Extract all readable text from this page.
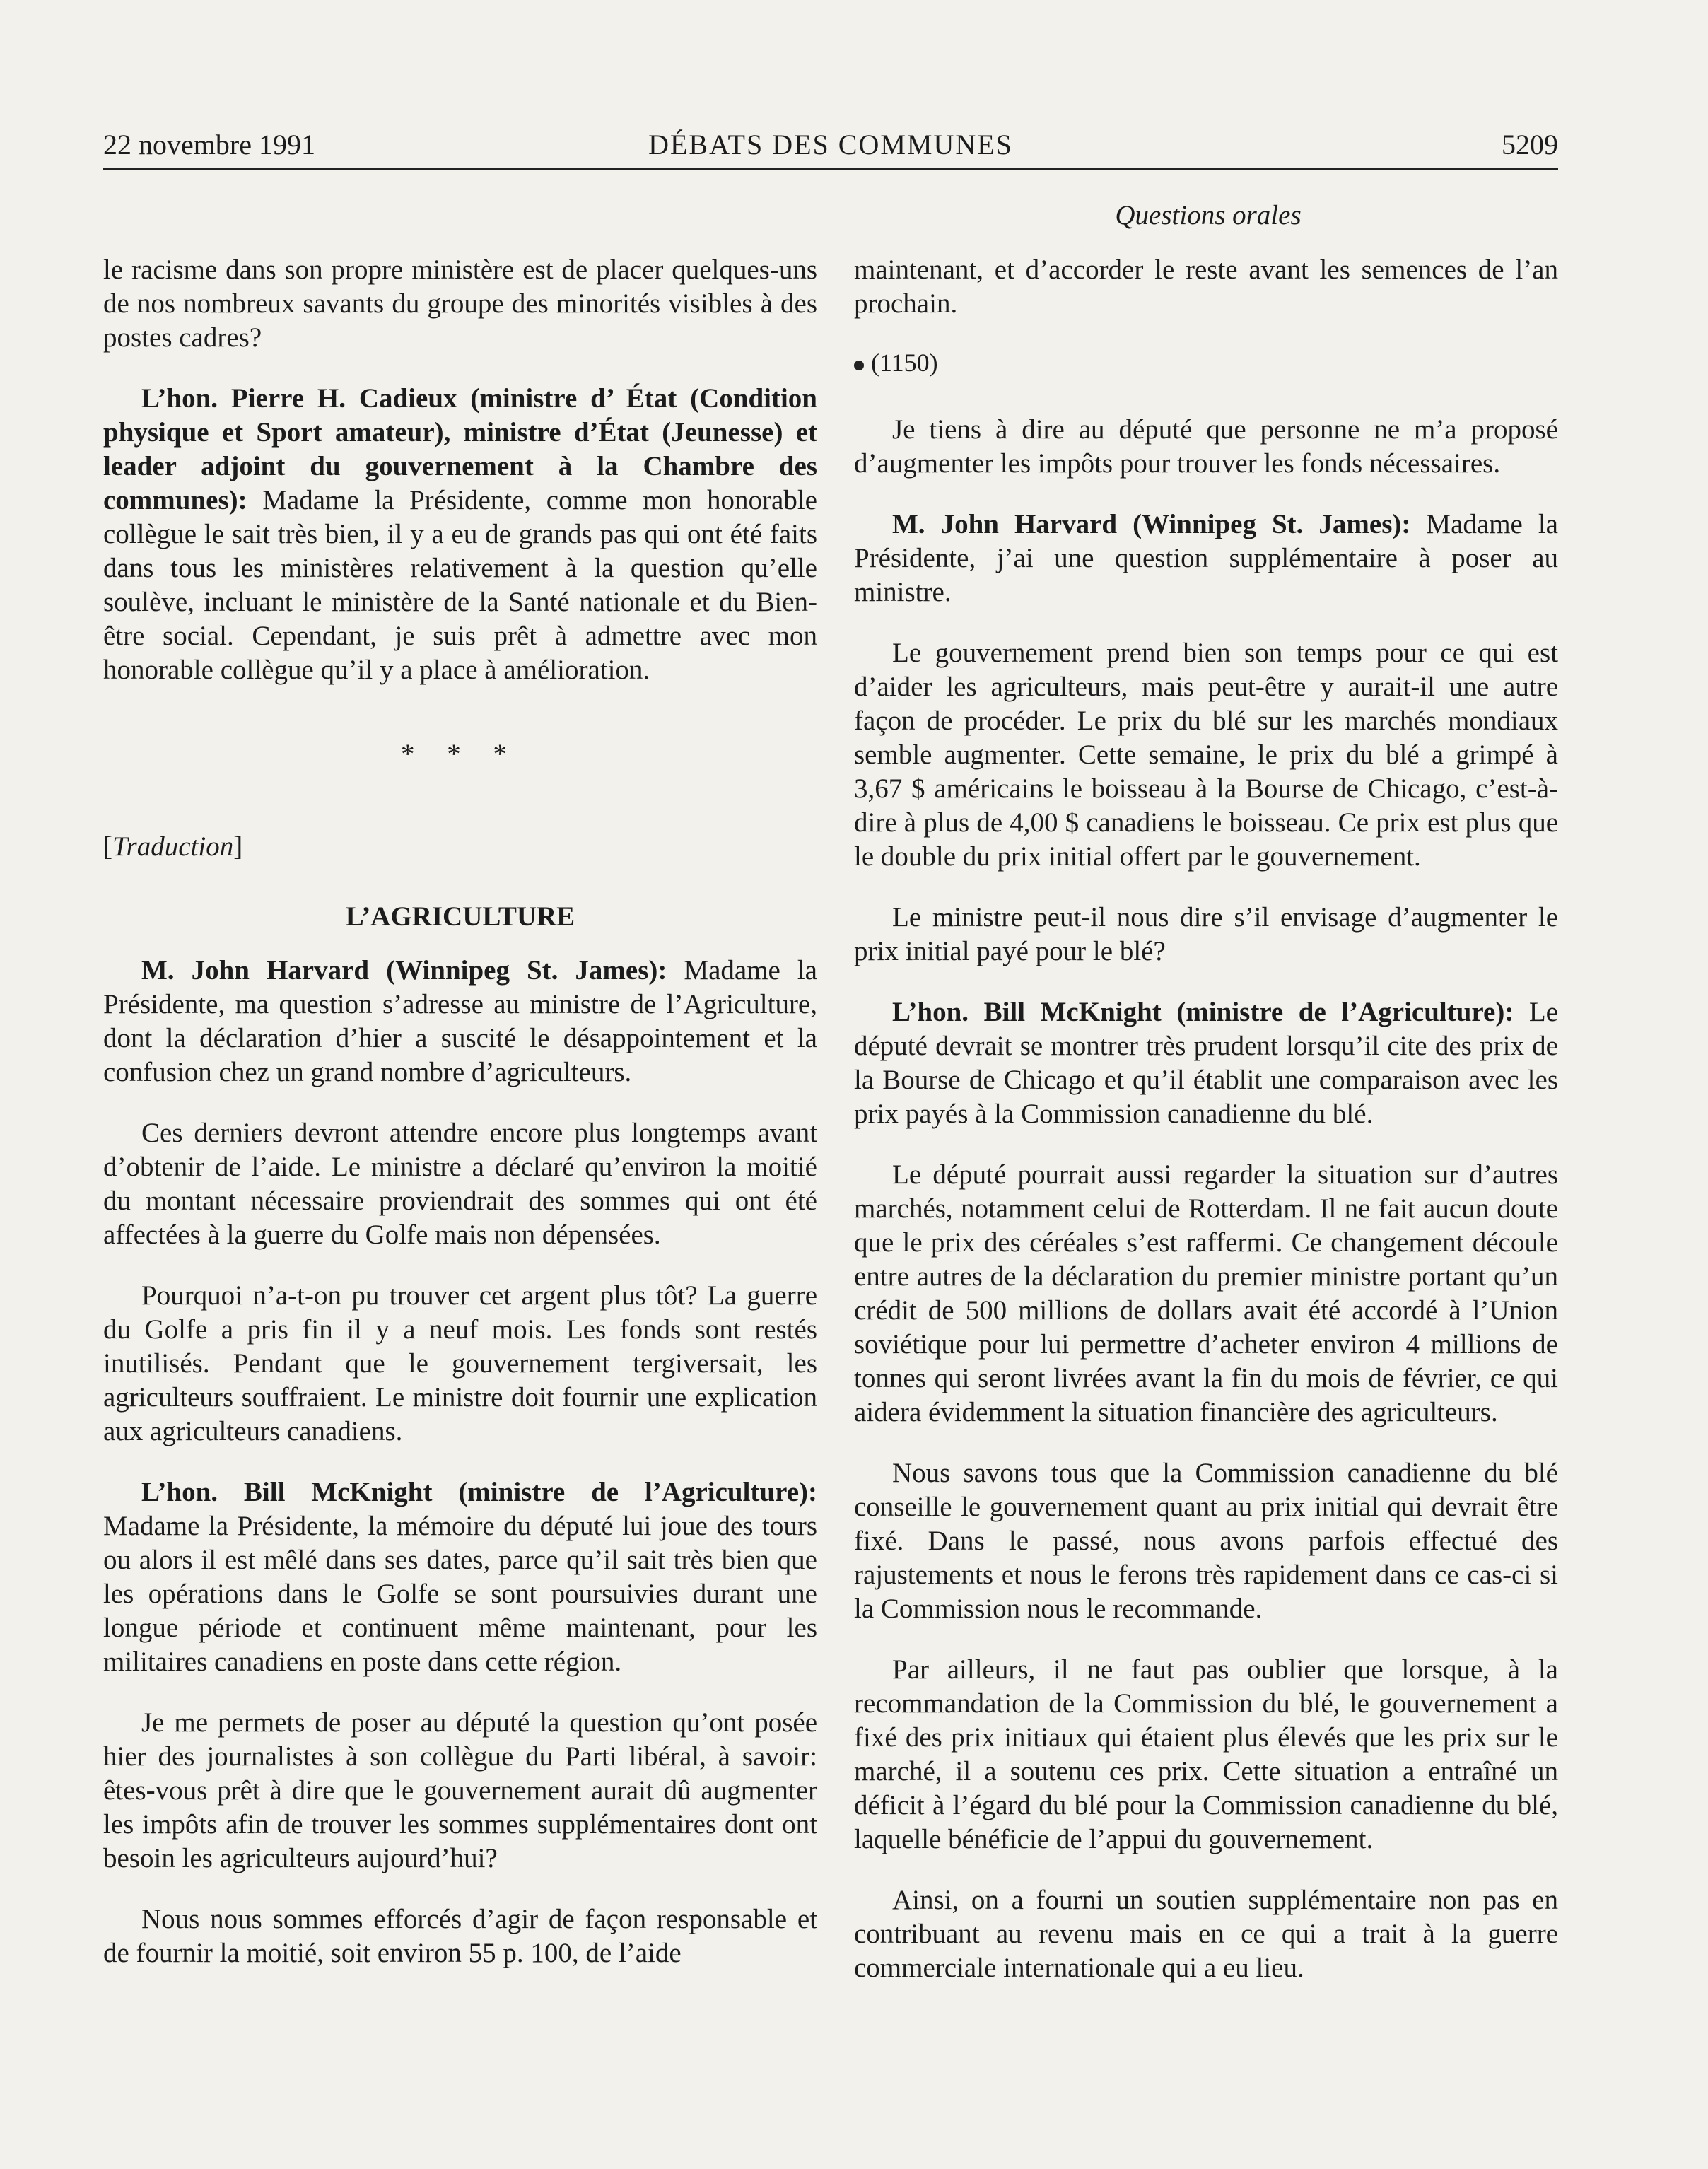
22 novembre 1991	DÉBATS DES COMMUNES	5209
Questions orales

le racisme dans son propre ministère est de placer quelques-uns de nos nombreux savants du groupe des minorités visibles à des postes cadres?

L’hon. Pierre H. Cadieux (ministre d’ État (Condition physique et Sport amateur), ministre d’État (Jeunesse) et leader adjoint du gouvernement à la Chambre des communes): Madame la Présidente, comme mon honorable collègue le sait très bien, il y a eu de grands pas qui ont été faits dans tous les ministères relativement à la question qu’elle soulève, incluant le ministère de la Santé nationale et du Bien-être social. Cependant, je suis prêt à admettre avec mon honorable collègue qu’il y a place à amélioration.

* * *
[Traduction]
L’AGRICULTURE

M. John Harvard (Winnipeg St. James): Madame la Présidente, ma question s’adresse au ministre de l’Agriculture, dont la déclaration d’hier a suscité le désappointement et la confusion chez un grand nombre d’agriculteurs.

Ces derniers devront attendre encore plus longtemps avant d’obtenir de l’aide. Le ministre a déclaré qu’environ la moitié du montant nécessaire proviendrait des sommes qui ont été affectées à la guerre du Golfe mais non dépensées.

Pourquoi n’a-t-on pu trouver cet argent plus tôt? La guerre du Golfe a pris fin il y a neuf mois. Les fonds sont restés inutilisés. Pendant que le gouvernement tergiversait, les agriculteurs souffraient. Le ministre doit fournir une explication aux agriculteurs canadiens.

L’hon. Bill McKnight (ministre de l’Agriculture): Madame la Présidente, la mémoire du député lui joue des tours ou alors il est mêlé dans ses dates, parce qu’il sait très bien que les opérations dans le Golfe se sont poursuivies durant une longue période et continuent même maintenant, pour les militaires canadiens en poste dans cette région.

Je me permets de poser au député la question qu’ont posée hier des journalistes à son collègue du Parti libéral, à savoir: êtes-vous prêt à dire que le gouvernement aurait dû augmenter les impôts afin de trouver les sommes supplémentaires dont ont besoin les agriculteurs aujourd’hui?

Nous nous sommes efforcés d’agir de façon responsable et de fournir la moitié, soit environ 55 p. 100, de l’aide

maintenant, et d’accorder le reste avant les semences de l’an prochain.

(1150)

Je tiens à dire au député que personne ne m’a proposé d’augmenter les impôts pour trouver les fonds nécessaires.

M. John Harvard (Winnipeg St. James): Madame la Présidente, j’ai une question supplémentaire à poser au ministre.

Le gouvernement prend bien son temps pour ce qui est d’aider les agriculteurs, mais peut-être y aurait-il une autre façon de procéder. Le prix du blé sur les marchés mondiaux semble augmenter. Cette semaine, le prix du blé a grimpé à 3,67 $ américains le boisseau à la Bourse de Chicago, c’est-à-dire à plus de 4,00 $ canadiens le boisseau. Ce prix est plus que le double du prix initial offert par le gouvernement.

Le ministre peut-il nous dire s’il envisage d’augmenter le prix initial payé pour le blé?

L’hon. Bill McKnight (ministre de l’Agriculture): Le député devrait se montrer très prudent lorsqu’il cite des prix de la Bourse de Chicago et qu’il établit une comparaison avec les prix payés à la Commission canadienne du blé.

Le député pourrait aussi regarder la situation sur d’autres marchés, notamment celui de Rotterdam. Il ne fait aucun doute que le prix des céréales s’est raffermi. Ce changement découle entre autres de la déclaration du premier ministre portant qu’un crédit de 500 millions de dollars avait été accordé à l’Union soviétique pour lui permettre d’acheter environ 4 millions de tonnes qui seront livrées avant la fin du mois de février, ce qui aidera évidemment la situation financière des agriculteurs.

Nous savons tous que la Commission canadienne du blé conseille le gouvernement quant au prix initial qui devrait être fixé. Dans le passé, nous avons parfois effectué des rajustements et nous le ferons très rapidement dans ce cas-ci si la Commission nous le recommande.

Par ailleurs, il ne faut pas oublier que lorsque, à la recommandation de la Commission du blé, le gouvernement a fixé des prix initiaux qui étaient plus élevés que les prix sur le marché, il a soutenu ces prix. Cette situation a entraîné un déficit à l’égard du blé pour la Commission canadienne du blé, laquelle bénéficie de l’appui du gouvernement.

Ainsi, on a fourni un soutien supplémentaire non pas en contribuant au revenu mais en ce qui a trait à la guerre commerciale internationale qui a eu lieu.
